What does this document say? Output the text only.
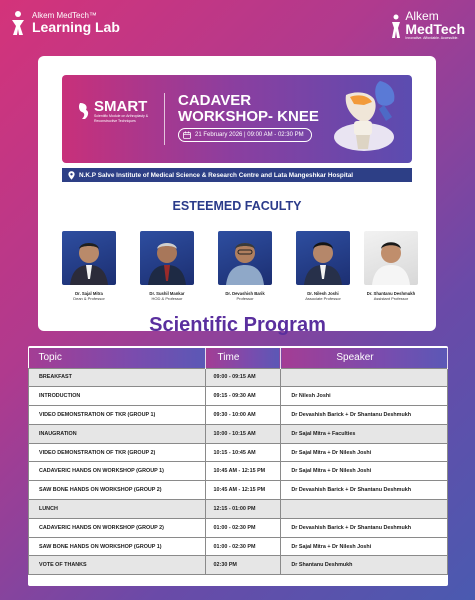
Alkem MedTech™
Learning Lab
Alkem
MedTech
Innovative. Affordable. Accessible.
SMART
Scientific Module on Arthroplasty & Reconstructive Techniques
CADAVER
WORKSHOP- KNEE
21 February 2026 | 09:00 AM - 02:30 PM
N.K.P Salve Institute of Medical Science & Research Centre and Lata Mangeshkar Hospital
ESTEEMED FACULTY
Dr. Sajal Mitra
Dean & Professor
Dr. Sushil Mankar
HOD & Professor
Dr. Devashish Barik
Professor
Dr. Nilesh Joshi
Associate Professor
Dr. Shantanu Deshmukh
Assistant Professor
Scientific Program
Topic	Time	Speaker
BREAKFAST	09:00 - 09:15 AM	
INTRODUCTION	09:15 - 09:30 AM	Dr Nilesh Joshi
VIDEO DEMONSTRATION OF TKR (GROUP 1)	09:30 - 10:00 AM	Dr Devashish Barick + Dr Shantanu Deshmukh
INAUGRATION	10:00 - 10:15 AM	Dr Sajal Mitra + Faculties
VIDEO DEMONSTRATION OF TKR (GROUP 2)	10:15 - 10:45 AM	Dr Sajal Mitra + Dr Nilesh Joshi
CADAVERIC HANDS ON WORKSHOP (GROUP 1)	10:45 AM - 12:15 PM	Dr Sajal Mitra + Dr Nilesh Joshi
SAW BONE HANDS ON WORKSHOP (GROUP 2)	10:45 AM - 12:15 PM	Dr Devashish Barick + Dr Shantanu Deshmukh
LUNCH	12:15 - 01:00 PM	
CADAVERIC HANDS ON WORKSHOP (GROUP 2)	01:00 - 02:30 PM	Dr Devashish Barick + Dr Shantanu Deshmukh
SAW BONE HANDS ON WORKSHOP (GROUP 1)	01:00 - 02:30 PM	Dr Sajal Mitra + Dr Nilesh Joshi
VOTE OF THANKS	02:30 PM	Dr Shantanu Deshmukh
